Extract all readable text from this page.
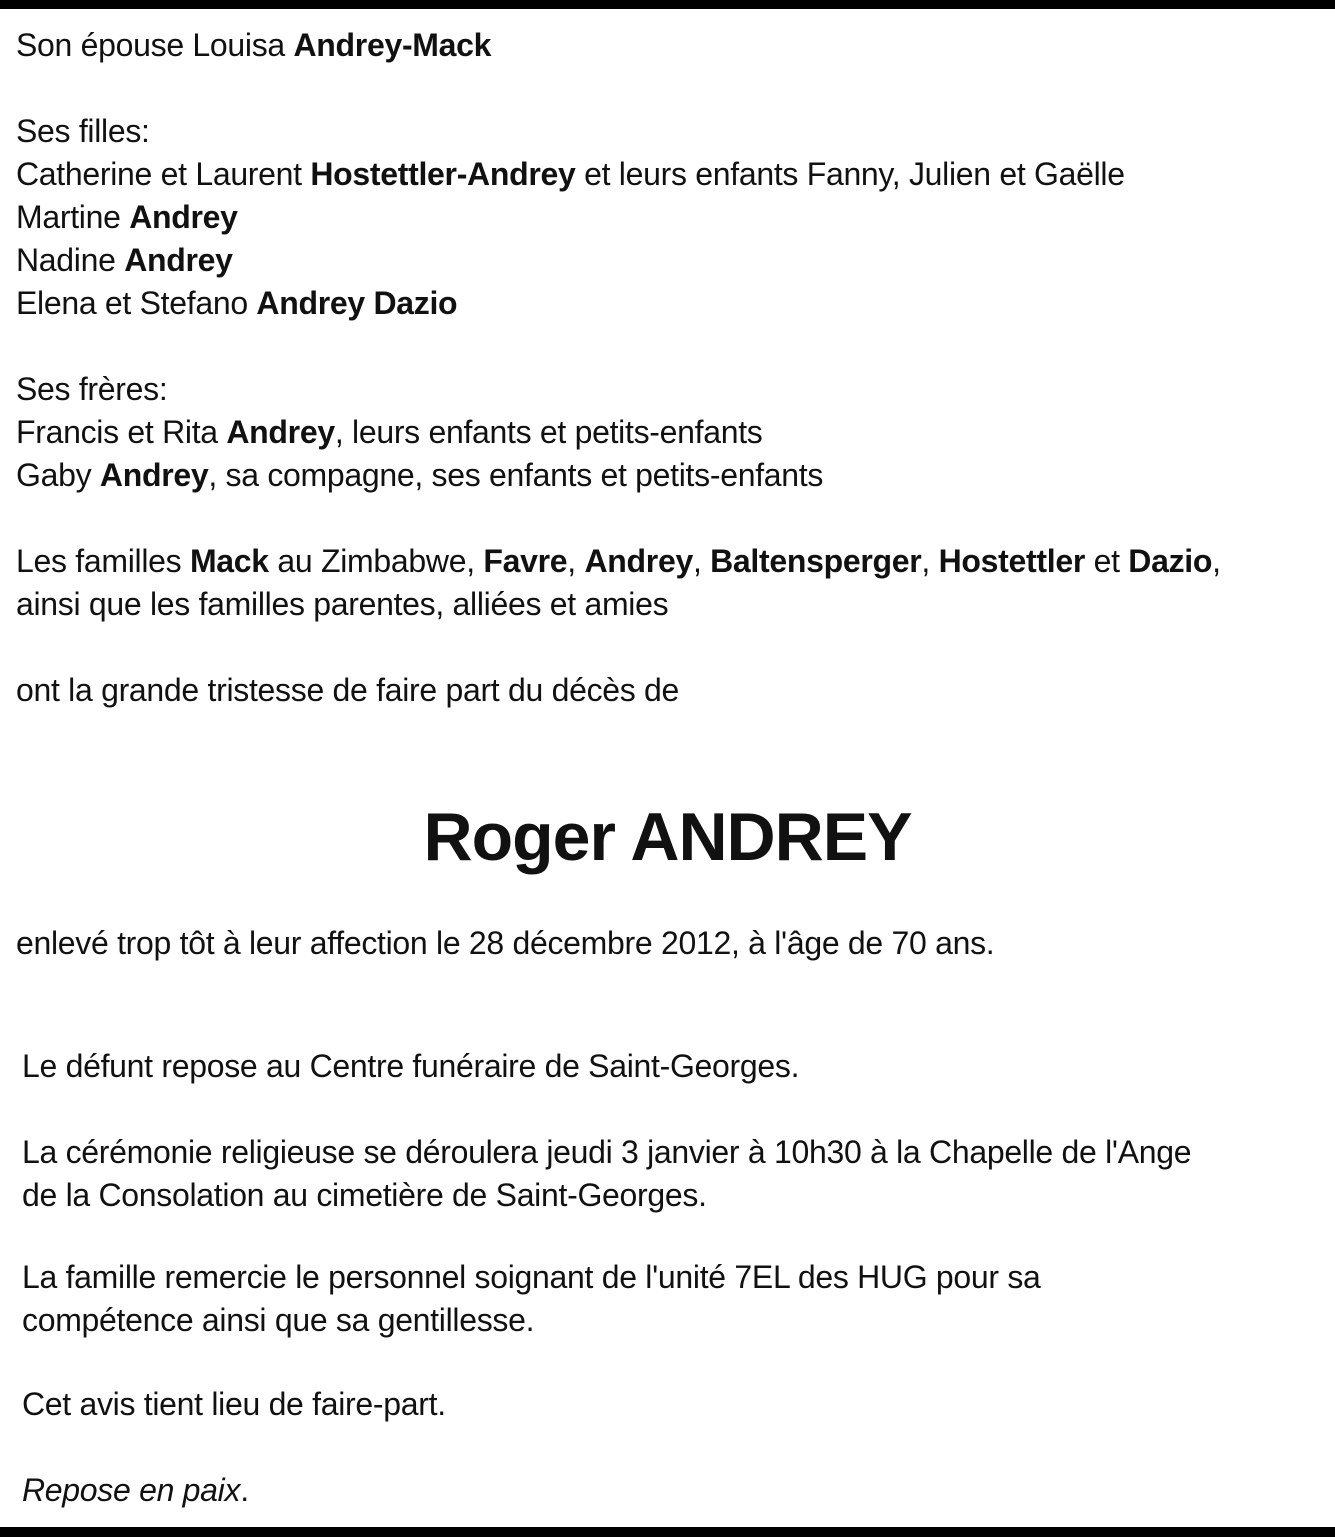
Son épouse Louisa Andrey-Mack
Ses filles:
Catherine et Laurent Hostettler-Andrey et leurs enfants Fanny, Julien et Gaëlle
Martine Andrey
Nadine Andrey
Elena et Stefano Andrey Dazio
Ses frères:
Francis et Rita Andrey, leurs enfants et petits-enfants
Gaby Andrey, sa compagne, ses enfants et petits-enfants
Les familles Mack au Zimbabwe, Favre, Andrey, Baltensperger, Hostettler et Dazio,
ainsi que les familles parentes, alliées et amies
ont la grande tristesse de faire part du décès de
Roger ANDREY
enlevé trop tôt à leur affection le 28 décembre 2012, à l'âge de 70 ans.
Le défunt repose au Centre funéraire de Saint-Georges.
La cérémonie religieuse se déroulera jeudi 3 janvier à 10h30 à la Chapelle de l'Ange
de la Consolation au cimetière de Saint-Georges.
La famille remercie le personnel soignant de l'unité 7EL des HUG pour sa
compétence ainsi que sa gentillesse.
Cet avis tient lieu de faire-part.
Repose en paix.
